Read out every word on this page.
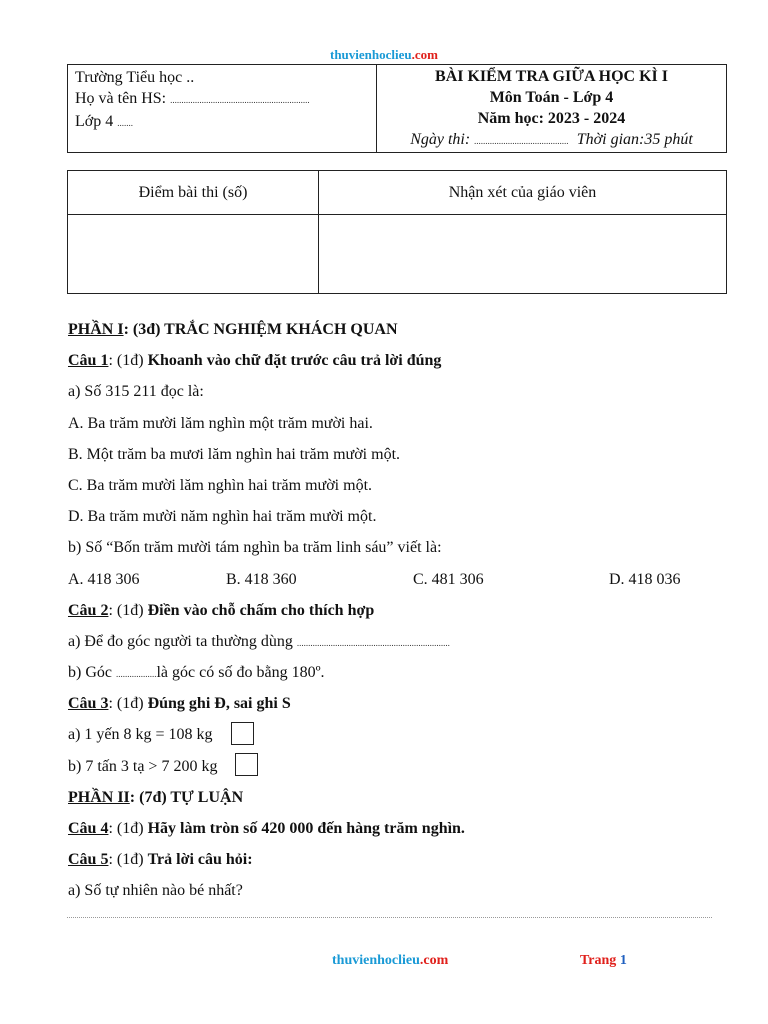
thuvienhoclieu.com
Trường Tiểu học ..
Họ và tên HS: ..............................................................
Lớp 4 .......

BÀI KIỂM TRA GIỮA HỌC KÌ I
Môn Toán - Lớp 4
Năm học: 2023 - 2024
Ngày thi: .......................................... Thời gian:35 phút
Điểm bài thi (số)	Nhận xét của giáo viên

PHẦN I: (3đ) TRẮC NGHIỆM KHÁCH QUAN
Câu 1: (1đ) Khoanh vào chữ đặt trước câu trả lời đúng
a) Số 315 211 đọc là:
A. Ba trăm mười lăm nghìn một trăm mười hai.
B. Một trăm ba mươi lăm nghìn hai trăm mười một.
C. Ba trăm mười lăm nghìn hai trăm mười một.
D. Ba trăm mười năm nghìn hai trăm mười một.
b) Số “Bốn trăm mười tám nghìn ba trăm linh sáu” viết là:
A. 418 306	B. 418 360	C. 481 306	D. 418 036
Câu 2: (1đ) Điền vào chỗ chấm cho thích hợp
a) Để đo góc người ta thường dùng ....................................................................
b) Góc ..................là góc có số đo bằng 180º.
Câu 3: (1đ) Đúng ghi Đ, sai ghi S
a) 1 yến 8 kg = 108 kg
b) 7 tấn 3 tạ > 7 200 kg
PHẦN II: (7đ) TỰ LUẬN
Câu 4: (1đ) Hãy làm tròn số 420 000 đến hàng trăm nghìn.
Câu 5: (1đ) Trả lời câu hỏi:
a) Số tự nhiên nào bé nhất?
thuvienhoclieu.com	Trang 1
